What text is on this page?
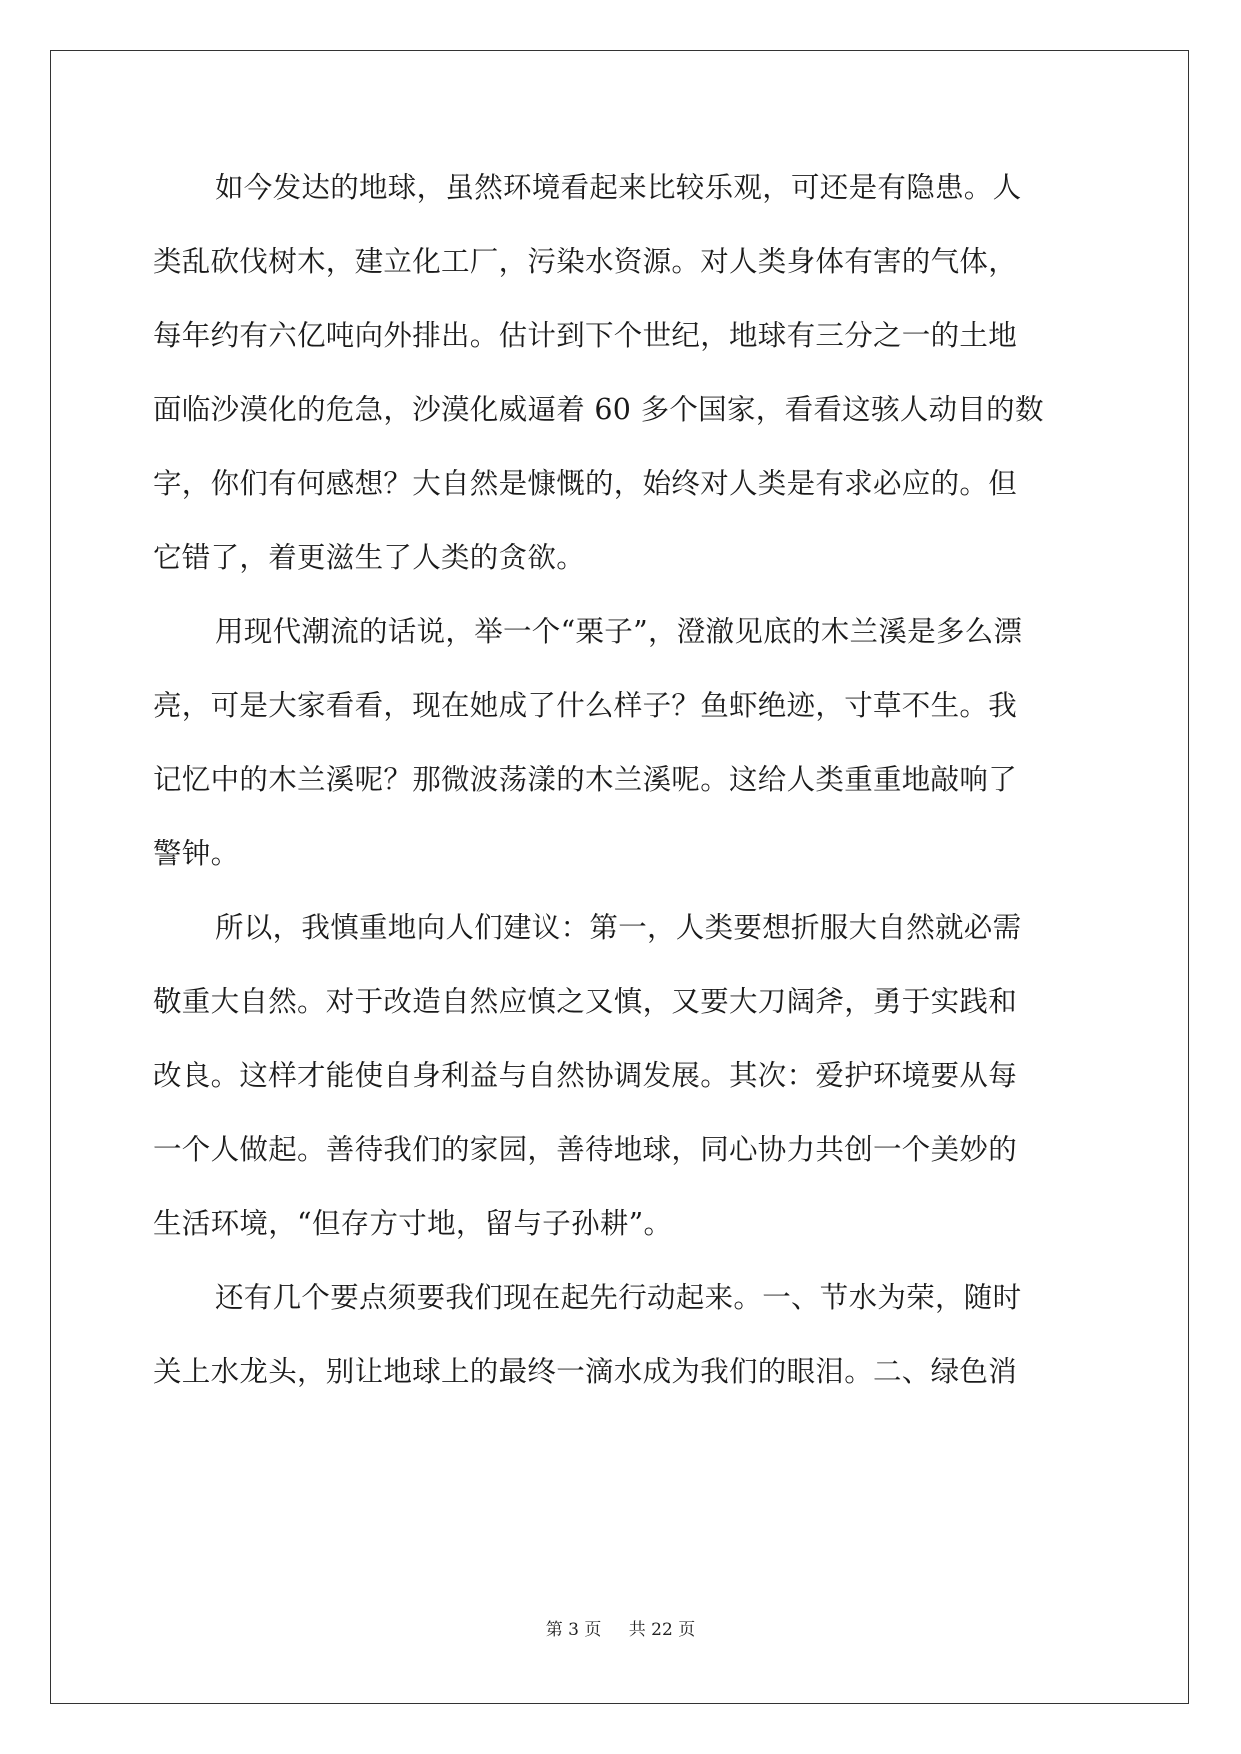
如今发达的地球，虽然环境看起来比较乐观，可还是有隐患。人
类乱砍伐树木，建立化工厂，污染水资源。对人类身体有害的气体，
每年约有六亿吨向外排出。估计到下个世纪，地球有三分之一的土地
面临沙漠化的危急，沙漠化威逼着 60 多个国家，看看这骇人动目的数
字，你们有何感想？大自然是慷慨的，始终对人类是有求必应的。但
它错了，着更滋生了人类的贪欲。
用现代潮流的话说，举一个“栗子”，澄澈见底的木兰溪是多么漂
亮，可是大家看看，现在她成了什么样子？鱼虾绝迹，寸草不生。我
记忆中的木兰溪呢？那微波荡漾的木兰溪呢。这给人类重重地敲响了
警钟。
所以，我慎重地向人们建议：第一，人类要想折服大自然就必需
敬重大自然。对于改造自然应慎之又慎，又要大刀阔斧，勇于实践和
改良。这样才能使自身利益与自然协调发展。其次：爱护环境要从每
一个人做起。善待我们的家园，善待地球，同心协力共创一个美妙的
生活环境，“但存方寸地，留与子孙耕”。
还有几个要点须要我们现在起先行动起来。一、节水为荣，随时
关上水龙头，别让地球上的最终一滴水成为我们的眼泪。二、绿色消
第 3 页 共 22 页
